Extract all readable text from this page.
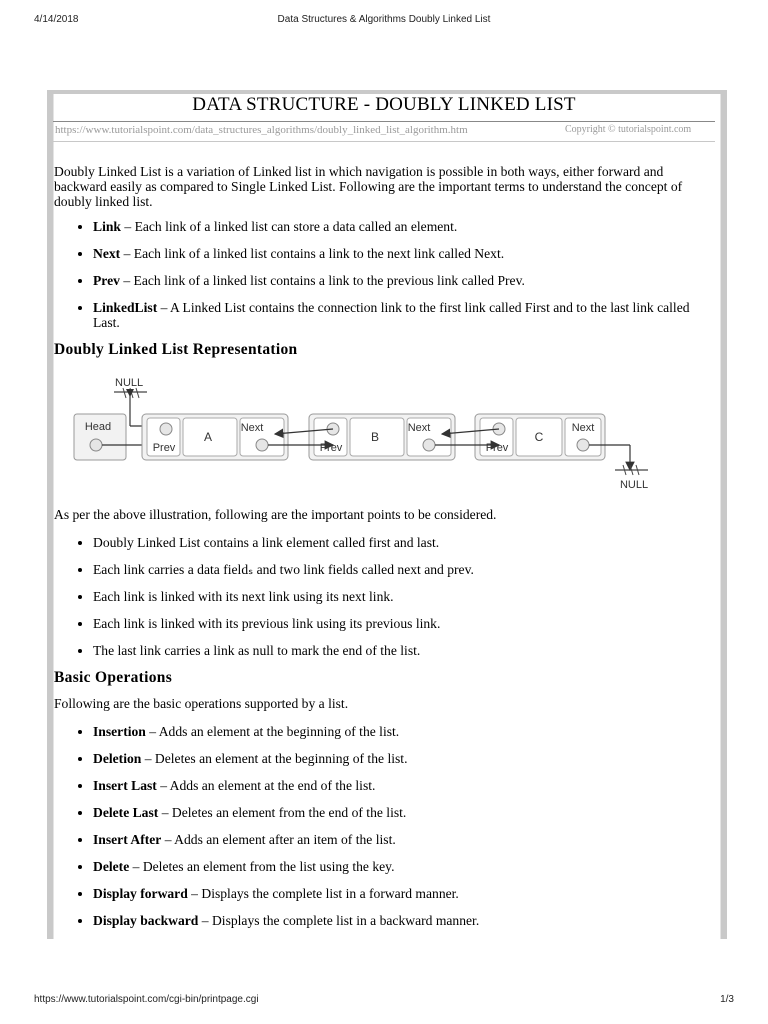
4/14/2018	Data Structures & Algorithms Doubly Linked List
DATA STRUCTURE - DOUBLY LINKED LIST
https://www.tutorialspoint.com/data_structures_algorithms/doubly_linked_list_algorithm.htm	Copyright © tutorialspoint.com

Doubly Linked List is a variation of Linked list in which navigation is possible in both ways, either forward and backward easily as compared to Single Linked List. Following are the important terms to understand the concept of doubly linked list.

• Link – Each link of a linked list can store a data called an element.
• Next – Each link of a linked list contains a link to the next link called Next.
• Prev – Each link of a linked list contains a link to the previous link called Prev.
• LinkedList – A Linked List contains the connection link to the first link called First and to the last link called Last.
Doubly Linked List Representation
NULL
Head
Prev
A
Next
Prev
B
Next
Prev
C
Next
NULL

As per the above illustration, following are the important points to be considered.

• Doubly Linked List contains a link element called first and last.
• Each link carries a data fieldₛ and two link fields called next and prev.
• Each link is linked with its next link using its next link.
• Each link is linked with its previous link using its previous link.
• The last link carries a link as null to mark the end of the list.
Basic Operations

Following are the basic operations supported by a list.

• Insertion – Adds an element at the beginning of the list.
• Deletion – Deletes an element at the beginning of the list.
• Insert Last – Adds an element at the end of the list.
• Delete Last – Deletes an element from the end of the list.
• Insert After – Adds an element after an item of the list.
• Delete – Deletes an element from the list using the key.
• Display forward – Displays the complete list in a forward manner.
• Display backward – Displays the complete list in a backward manner.
https://www.tutorialspoint.com/cgi-bin/printpage.cgi	1/3
